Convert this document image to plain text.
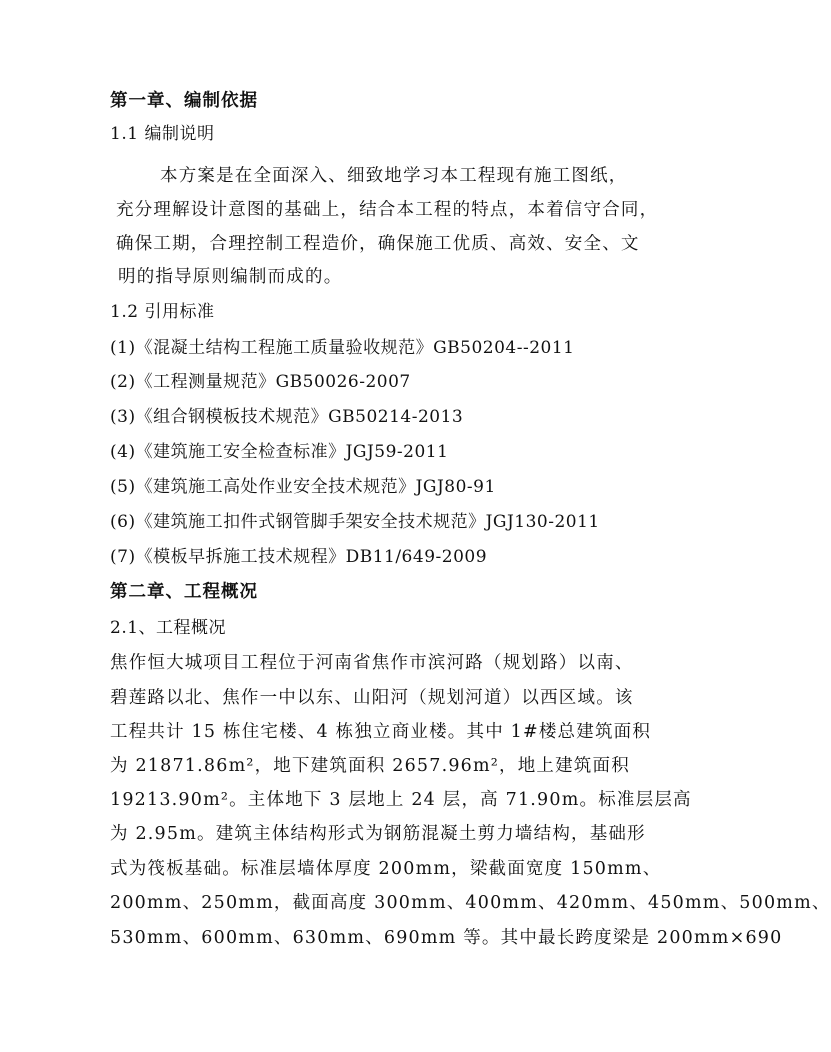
第一章、编制依据
1.1 编制说明
本方案是在全面深入、细致地学习本工程现有施工图纸，
充分理解设计意图的基础上，结合本工程的特点，本着信守合同，
确保工期，合理控制工程造价，确保施工优质、高效、安全、文
明的指导原则编制而成的。
1.2 引用标准
(1)《混凝土结构工程施工质量验收规范》GB50204--2011
(2)《工程测量规范》GB50026-2007
(3)《组合钢模板技术规范》GB50214-2013
(4)《建筑施工安全检查标准》JGJ59-2011
(5)《建筑施工高处作业安全技术规范》JGJ80-91
(6)《建筑施工扣件式钢管脚手架安全技术规范》JGJ130-2011
(7)《模板早拆施工技术规程》DB11/649-2009
第二章、工程概况
2.1、工程概况
焦作恒大城项目工程位于河南省焦作市滨河路（规划路）以南、
碧莲路以北、焦作一中以东、山阳河（规划河道）以西区域。该
工程共计 15 栋住宅楼、4 栋独立商业楼。其中 1#楼总建筑面积
为 21871.86m²，地下建筑面积 2657.96m²，地上建筑面积
19213.90m²。主体地下 3 层地上 24 层，高 71.90m。标准层层高
为 2.95m。建筑主体结构形式为钢筋混凝土剪力墙结构，基础形
式为筏板基础。标准层墙体厚度 200mm，梁截面宽度 150mm、
200mm、250mm，截面高度 300mm、400mm、420mm、450mm、500mm、
530mm、600mm、630mm、690mm 等。其中最长跨度梁是 200mm×690
